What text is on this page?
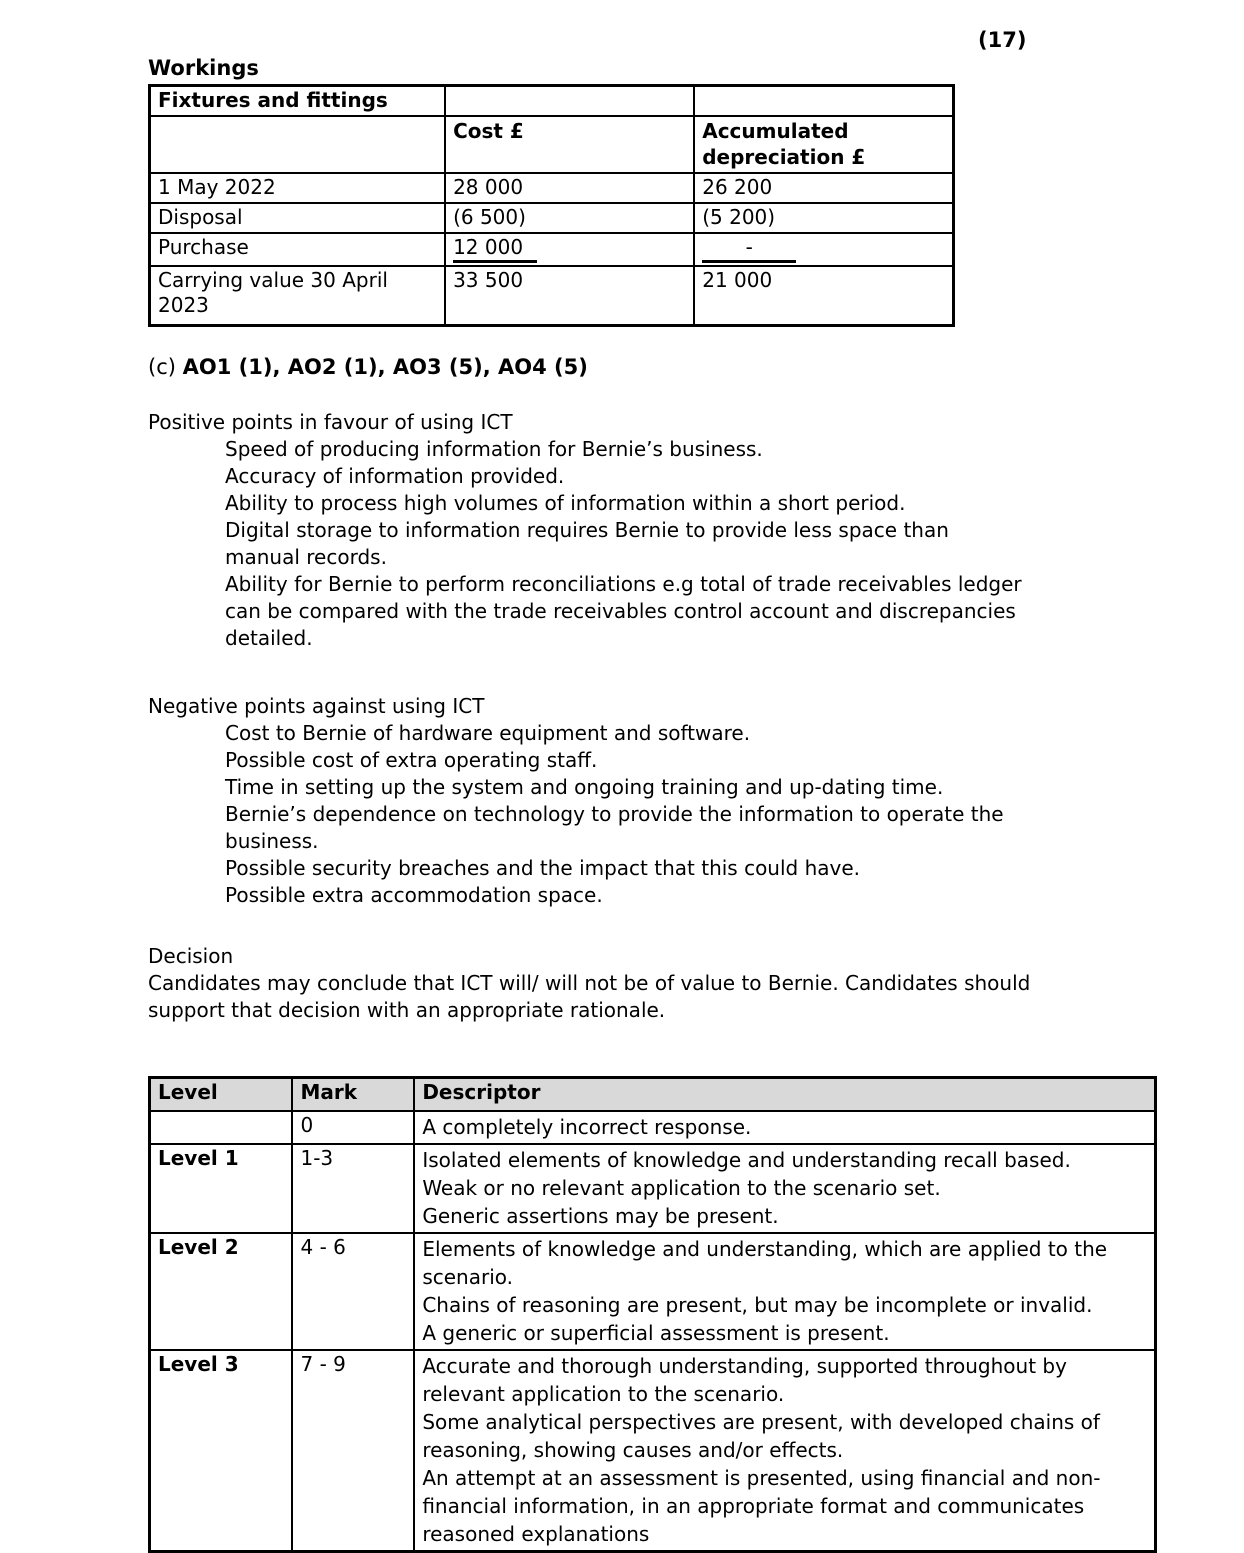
(17)
Workings
Fixtures and fittings		
	Cost £	Accumulated depreciation £
1 May 2022	28 000	26 200
Disposal	(6 500)	(5 200)
Purchase	12 000	-
Carrying value 30 April 2023	33 500	21 000

(c) AO1 (1), AO2 (1), AO3 (5), AO4 (5)

Positive points in favour of using ICT
Speed of producing information for Bernie’s business.
Accuracy of information provided.
Ability to process high volumes of information within a short period.
Digital storage to information requires Bernie to provide less space than manual records.
Ability for Bernie to perform reconciliations e.g total of trade receivables ledger can be compared with the trade receivables control account and discrepancies detailed.
Negative points against using ICT
Cost to Bernie of hardware equipment and software.
Possible cost of extra operating staff.
Time in setting up the system and ongoing training and up-dating time.
Bernie’s dependence on technology to provide the information to operate the business.
Possible security breaches and the impact that this could have.
Possible extra accommodation space.
Decision
Candidates may conclude that ICT will/ will not be of value to Bernie. Candidates should support that decision with an appropriate rationale.
Level	Mark	Descriptor
	0	A completely incorrect response.

Level 1	1-3	Isolated elements of knowledge and understanding recall based.
Weak or no relevant application to the scenario set.
Generic assertions may be present.

Level 2	4 - 6	Elements of knowledge and understanding, which are applied to the scenario.
Chains of reasoning are present, but may be incomplete or invalid.
A generic or superficial assessment is present.

Level 3	7 - 9	Accurate and thorough understanding, supported throughout by relevant application to the scenario.
Some analytical perspectives are present, with developed chains of reasoning, showing causes and/or effects.
An attempt at an assessment is presented, using financial and non-financial information, in an appropriate format and communicates reasoned explanations
